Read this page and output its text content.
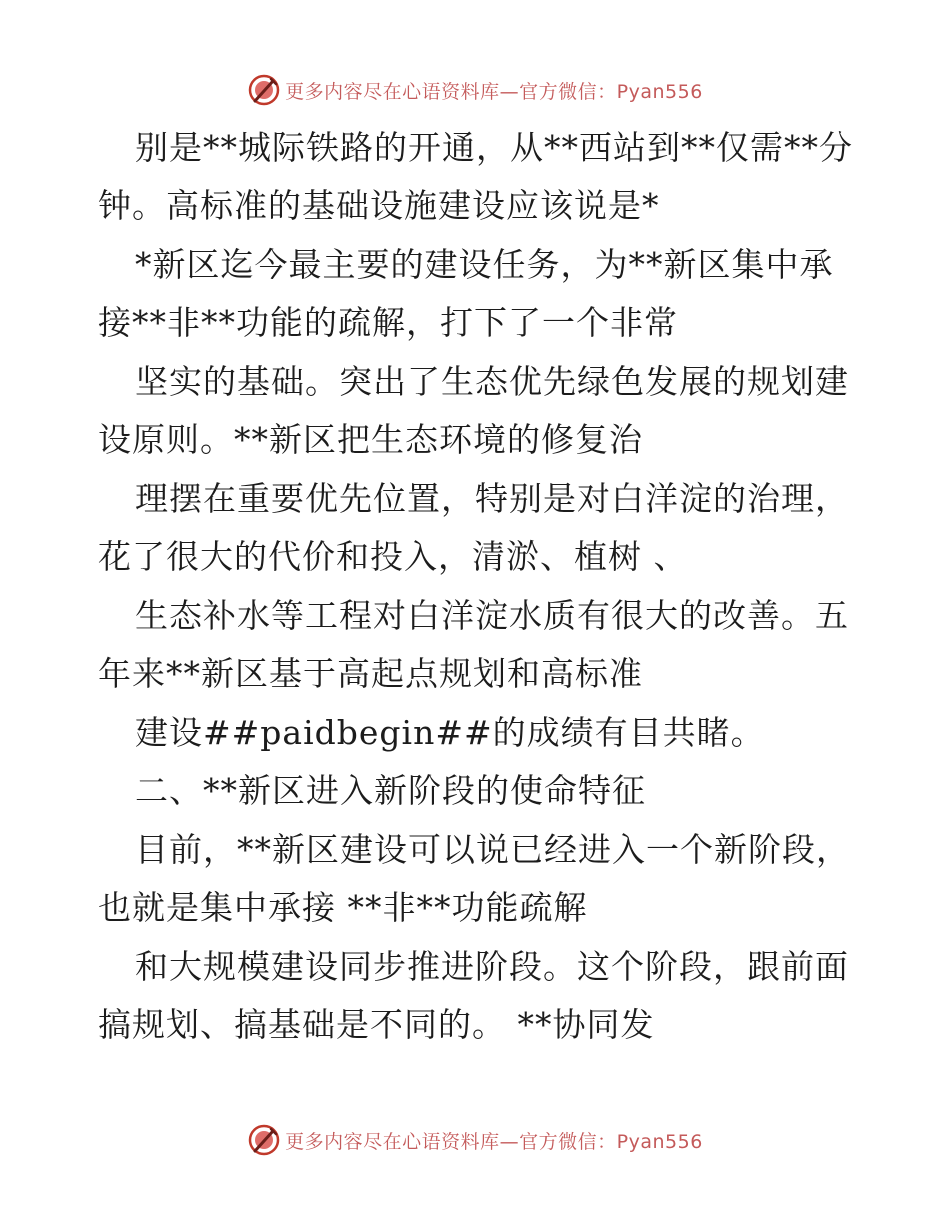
更多内容尽在心语资料库—官方微信：Pyan556
别是**城际铁路的开通，从**西站到**仅需**分
钟。高标准的基础设施建设应该说是*
*新区迄今最主要的建设任务，为**新区集中承
接**非**功能的疏解，打下了一个非常
坚实的基础。突出了生态优先绿色发展的规划建
设原则。**新区把生态环境的修复治
理摆在重要优先位置，特别是对白洋淀的治理，
花了很大的代价和投入，清淤、植树 、
生态补水等工程对白洋淀水质有很大的改善。五
年来**新区基于高起点规划和高标准
建设##paidbegin##的成绩有目共睹。
二、**新区进入新阶段的使命特征
目前，**新区建设可以说已经进入一个新阶段，
也就是集中承接 **非**功能疏解
和大规模建设同步推进阶段。这个阶段，跟前面
搞规划、搞基础是不同的。 **协同发
更多内容尽在心语资料库—官方微信：Pyan556
